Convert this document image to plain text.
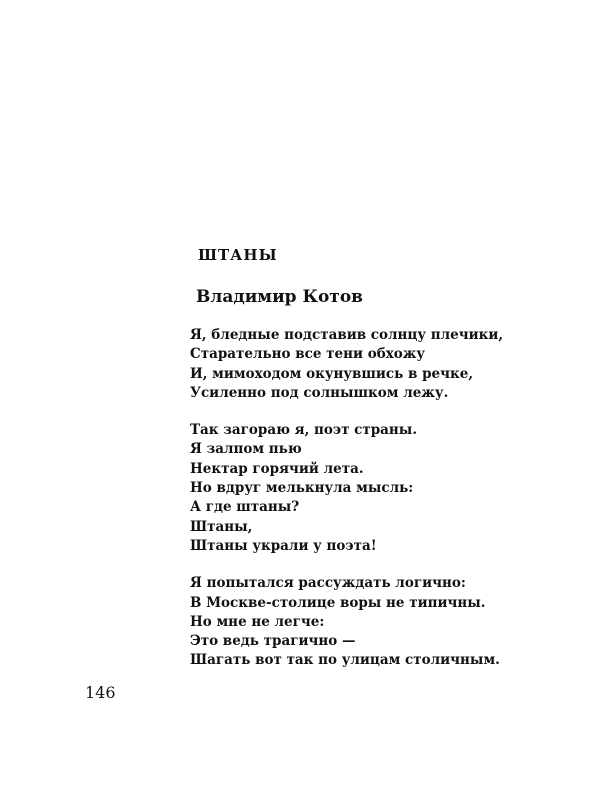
ШТАНЫ
Владимир Котов
Я, бледные подставив солнцу плечики,
Старательно все тени обхожу
И, мимоходом окунувшись в речке,
Усиленно под солнышком лежу.
Так загораю я, поэт страны.
Я залпом пью
Нектар горячий лета.
Но вдруг мелькнула мысль:
А где штаны?
Штаны,
Штаны украли у поэта!
Я попытался рассуждать логично:
В Москве-столице воры не типичны.
Но мне не легче:
Это ведь трагично —
Шагать вот так по улицам столичным.

146
